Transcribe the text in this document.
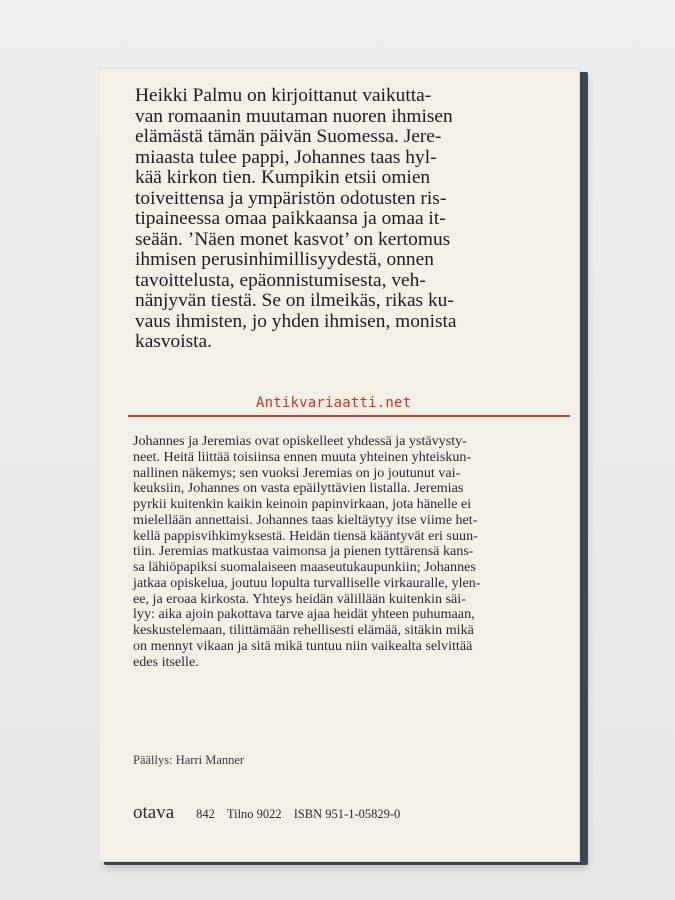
Heikki Palmu on kirjoittanut vaikutta-
van romaanin muutaman nuoren ihmisen
elämästä tämän päivän Suomessa. Jere-
miaasta tulee pappi, Johannes taas hyl-
kää kirkon tien. Kumpikin etsii omien
toiveittensa ja ympäristön odotusten ris-
tipaineessa omaa paikkaansa ja omaa it-
seään. ’Näen monet kasvot’ on kertomus
ihmisen perusinhimillisyydestä, onnen
tavoittelusta, epäonnistumisesta, veh-
nänjyvän tiestä. Se on ilmeikäs, rikas ku-
vaus ihmisten, jo yhden ihmisen, monista
kasvoista.

Antikvariaatti.net

Johannes ja Jeremias ovat opiskelleet yhdessä ja ystävysty-
neet. Heitä liittää toisiinsa ennen muuta yhteinen yhteiskun-
nallinen näkemys; sen vuoksi Jeremias on jo joutunut vai-
keuksiin, Johannes on vasta epäilyttävien listalla. Jeremias
pyrkii kuitenkin kaikin keinoin papinvirkaan, jota hänelle ei
mielellään annettaisi. Johannes taas kieltäytyy itse viime het-
kellä pappisvihkimyksestä. Heidän tiensä kääntyvät eri suun-
tiin. Jeremias matkustaa vaimonsa ja pienen tyttärensä kans-
sa lähiöpapiksi suomalaiseen maaseutukaupunkiin; Johannes
jatkaa opiskelua, joutuu lopulta turvalliselle virkauralle, ylen-
ee, ja eroaa kirkosta. Yhteys heidän välillään kuitenkin säi-
lyy: aika ajoin pakottava tarve ajaa heidät yhteen puhumaan,
keskustelemaan, tilittämään rehellisesti elämää, sitäkin mikä
on mennyt vikaan ja sitä mikä tuntuu niin vaikealta selvittää
edes itselle.

Päällys: Harri Manner
otava 842 Tilno 9022 ISBN 951-1-05829-0
